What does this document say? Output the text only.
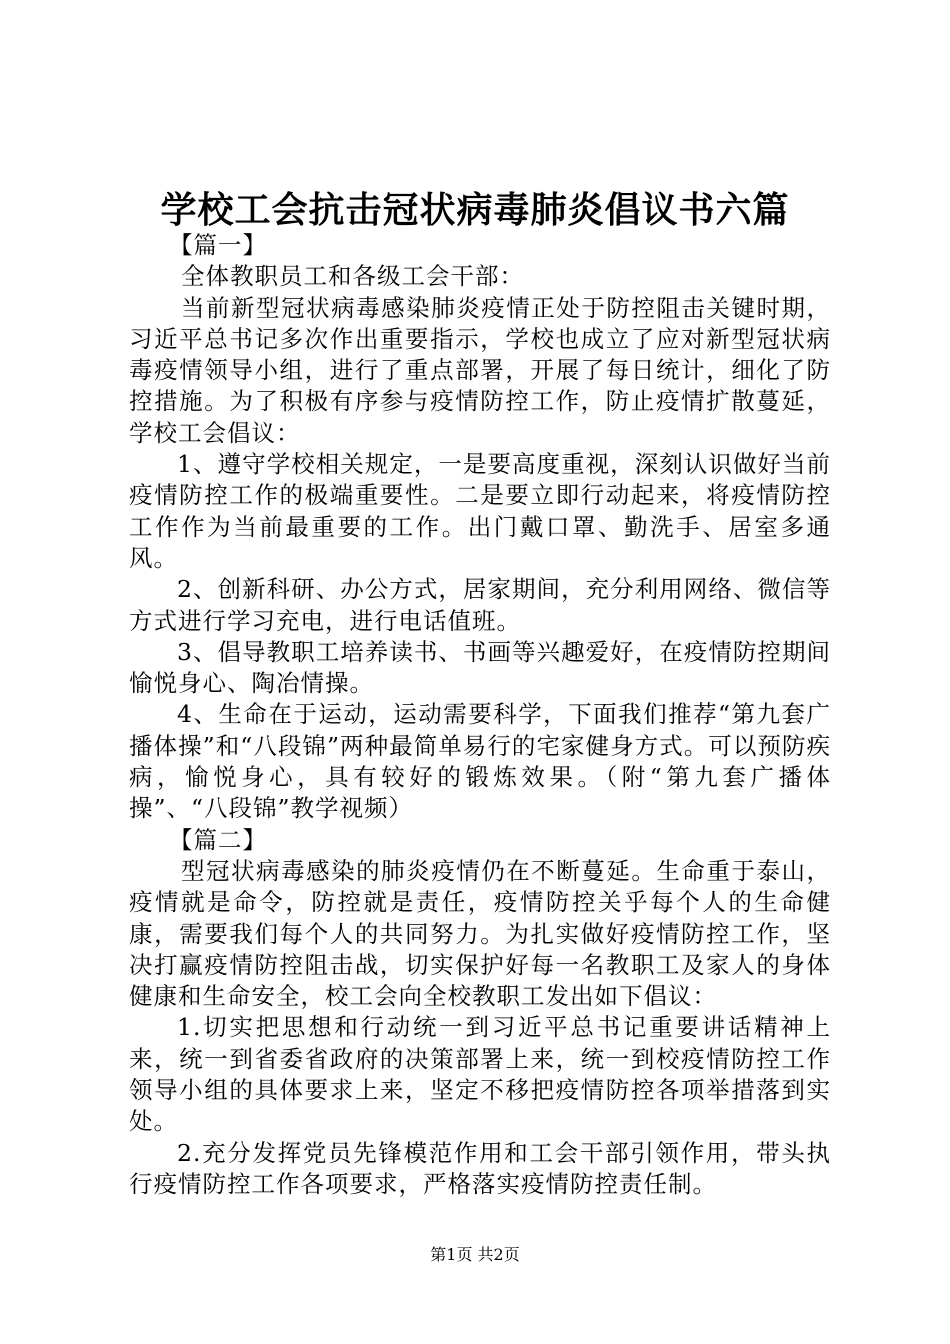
学校工会抗击冠状病毒肺炎倡议书六篇

【篇一】

全体教职员工和各级工会干部：

当前新型冠状病毒感染肺炎疫情正处于防控阻击关键时期，习近平总书记多次作出重要指示，学校也成立了应对新型冠状病毒疫情领导小组，进行了重点部署，开展了每日统计，细化了防控措施。为了积极有序参与疫情防控工作，防止疫情扩散蔓延，学校工会倡议：

1、遵守学校相关规定，一是要高度重视，深刻认识做好当前疫情防控工作的极端重要性。二是要立即行动起来，将疫情防控工作作为当前最重要的工作。出门戴口罩、勤洗手、居室多通风。

2、创新科研、办公方式，居家期间，充分利用网络、微信等方式进行学习充电，进行电话值班。

3、倡导教职工培养读书、书画等兴趣爱好，在疫情防控期间愉悦身心、陶冶情操。

4、生命在于运动，运动需要科学，下面我们推荐“第九套广播体操”和“八段锦”两种最简单易行的宅家健身方式。可以预防疾病，愉悦身心，具有较好的锻炼效果。（附“第九套广播体操”、“八段锦”教学视频）

【篇二】

型冠状病毒感染的肺炎疫情仍在不断蔓延。生命重于泰山，疫情就是命令，防控就是责任，疫情防控关乎每个人的生命健康，需要我们每个人的共同努力。为扎实做好疫情防控工作，坚决打赢疫情防控阻击战，切实保护好每一名教职工及家人的身体健康和生命安全，校工会向全校教职工发出如下倡议：

1.切实把思想和行动统一到习近平总书记重要讲话精神上来，统一到省委省政府的决策部署上来，统一到校疫情防控工作领导小组的具体要求上来，坚定不移把疫情防控各项举措落到实处。

2.充分发挥党员先锋模范作用和工会干部引领作用，带头执行疫情防控工作各项要求，严格落实疫情防控责任制。

第1页 共2页
